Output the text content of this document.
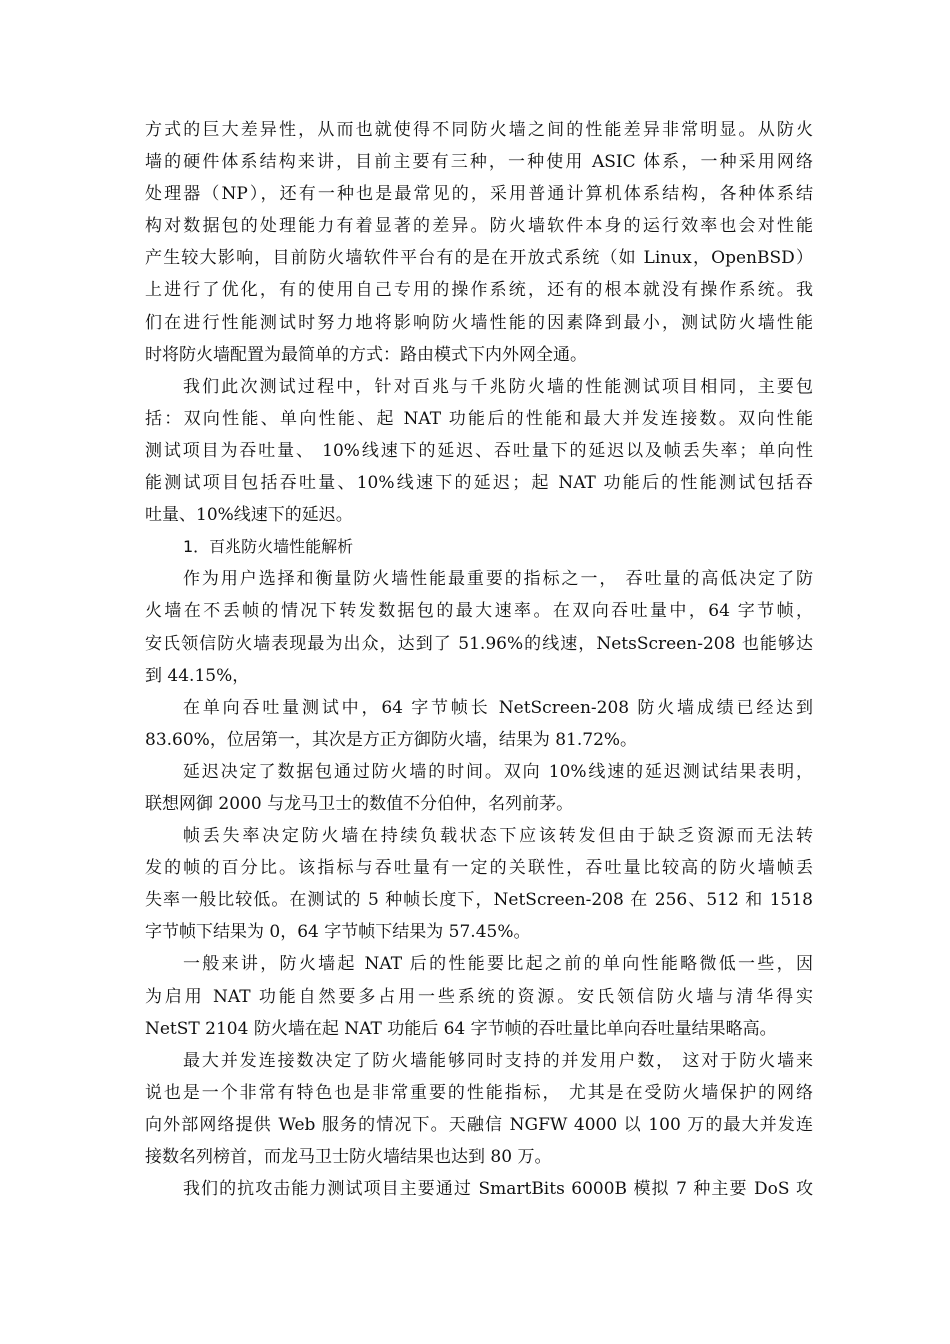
方式的巨大差异性，从而也就使得不同防火墙之间的性能差异非常明显。从防火
墙的硬件体系结构来讲，目前主要有三种，一种使用 ASIC 体系，一种采用网络
处理器（NP），还有一种也是最常见的，采用普通计算机体系结构，各种体系结
构对数据包的处理能力有着显著的差异。防火墙软件本身的运行效率也会对性能
产生较大影响，目前防火墙软件平台有的是在开放式系统（如 Linux，OpenBSD）
上进行了优化，有的使用自己专用的操作系统，还有的根本就没有操作系统。我
们在进行性能测试时努力地将影响防火墙性能的因素降到最小，测试防火墙性能
时将防火墙配置为最简单的方式：路由模式下内外网全通。
我们此次测试过程中，针对百兆与千兆防火墙的性能测试项目相同，主要包
括：双向性能、单向性能、起 NAT 功能后的性能和最大并发连接数。双向性能
测试项目为吞吐量、 10%线速下的延迟、吞吐量下的延迟以及帧丢失率；单向性
能测试项目包括吞吐量、10%线速下的延迟；起 NAT 功能后的性能测试包括吞
吐量、10%线速下的延迟。
1．百兆防火墙性能解析
作为用户选择和衡量防火墙性能最重要的指标之一， 吞吐量的高低决定了防
火墙在不丢帧的情况下转发数据包的最大速率。在双向吞吐量中，64 字节帧，
安氏领信防火墙表现最为出众，达到了 51.96%的线速，NetsScreen-208 也能够达
到 44.15%，
在单向吞吐量测试中，64 字节帧长 NetScreen-208 防火墙成绩已经达到
83.60%，位居第一，其次是方正方御防火墙，结果为 81.72%。
延迟决定了数据包通过防火墙的时间。双向 10%线速的延迟测试结果表明，
联想网御 2000 与龙马卫士的数值不分伯仲，名列前茅。
帧丢失率决定防火墙在持续负载状态下应该转发但由于缺乏资源而无法转
发的帧的百分比。该指标与吞吐量有一定的关联性，吞吐量比较高的防火墙帧丢
失率一般比较低。在测试的 5 种帧长度下，NetScreen-208 在 256、512 和 1518
字节帧下结果为 0，64 字节帧下结果为 57.45%。
一般来讲，防火墙起 NAT 后的性能要比起之前的单向性能略微低一些，因
为启用 NAT 功能自然要多占用一些系统的资源。安氏领信防火墙与清华得实
NetST 2104 防火墙在起 NAT 功能后 64 字节帧的吞吐量比单向吞吐量结果略高。
最大并发连接数决定了防火墙能够同时支持的并发用户数， 这对于防火墙来
说也是一个非常有特色也是非常重要的性能指标， 尤其是在受防火墙保护的网络
向外部网络提供 Web 服务的情况下。天融信 NGFW 4000 以 100 万的最大并发连
接数名列榜首，而龙马卫士防火墙结果也达到 80 万。
我们的抗攻击能力测试项目主要通过 SmartBits 6000B 模拟 7 种主要 DoS 攻
